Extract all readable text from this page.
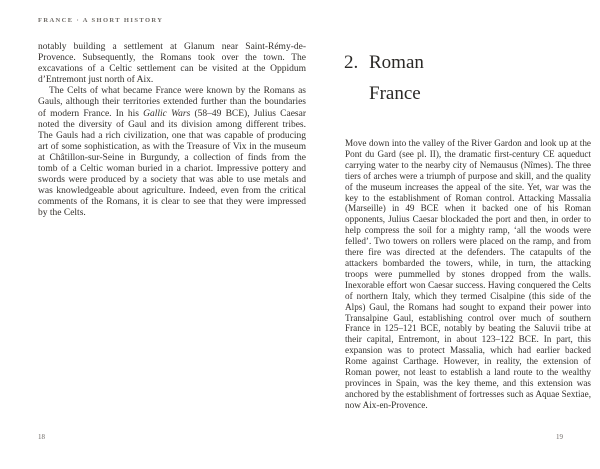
FRANCE · A SHORT HISTORY

notably building a settlement at Glanum near Saint-Rémy-de-Provence. Subsequently, the Romans took over the town. The excavations of a Celtic settlement can be visited at the Oppidum d’Entremont just north of Aix.

The Celts of what became France were known by the Romans as Gauls, although their territories extended further than the boundaries of modern France. In his Gallic Wars (58–49 BCE), Julius Caesar noted the diversity of Gaul and its division among different tribes. The Gauls had a rich civilization, one that was capable of producing art of some sophistication, as with the Treasure of Vix in the museum at Châtillon-sur-Seine in Burgundy, a collection of finds from the tomb of a Celtic woman buried in a chariot. Impressive pottery and swords were produced by a society that was able to use metals and was knowledgeable about agriculture. Indeed, even from the critical comments of the Romans, it is clear to see that they were impressed by the Celts.

2. Roman France

Move down into the valley of the River Gardon and look up at the Pont du Gard (see pl. II), the dramatic first-century CE aqueduct carrying water to the nearby city of Nemausus (Nîmes). The three tiers of arches were a triumph of purpose and skill, and the quality of the museum increases the appeal of the site. Yet, war was the key to the establishment of Roman control. Attacking Massalia (Marseille) in 49 BCE when it backed one of his Roman opponents, Julius Caesar blockaded the port and then, in order to help compress the soil for a mighty ramp, ‘all the woods were felled’. Two towers on rollers were placed on the ramp, and from there fire was directed at the defenders. The catapults of the attackers bombarded the towers, while, in turn, the attacking troops were pummelled by stones dropped from the walls. Inexorable effort won Caesar success. Having conquered the Celts of northern Italy, which they termed Cisalpine (this side of the Alps) Gaul, the Romans had sought to expand their power into Transalpine Gaul, establishing control over much of southern France in 125–121 BCE, notably by beating the Saluvii tribe at their capital, Entremont, in about 123–122 BCE. In part, this expansion was to protect Massalia, which had earlier backed Rome against Carthage. However, in reality, the extension of Roman power, not least to establish a land route to the wealthy provinces in Spain, was the key theme, and this extension was anchored by the establishment of fortresses such as Aquae Sextiae, now Aix-en-Provence.

18	19
